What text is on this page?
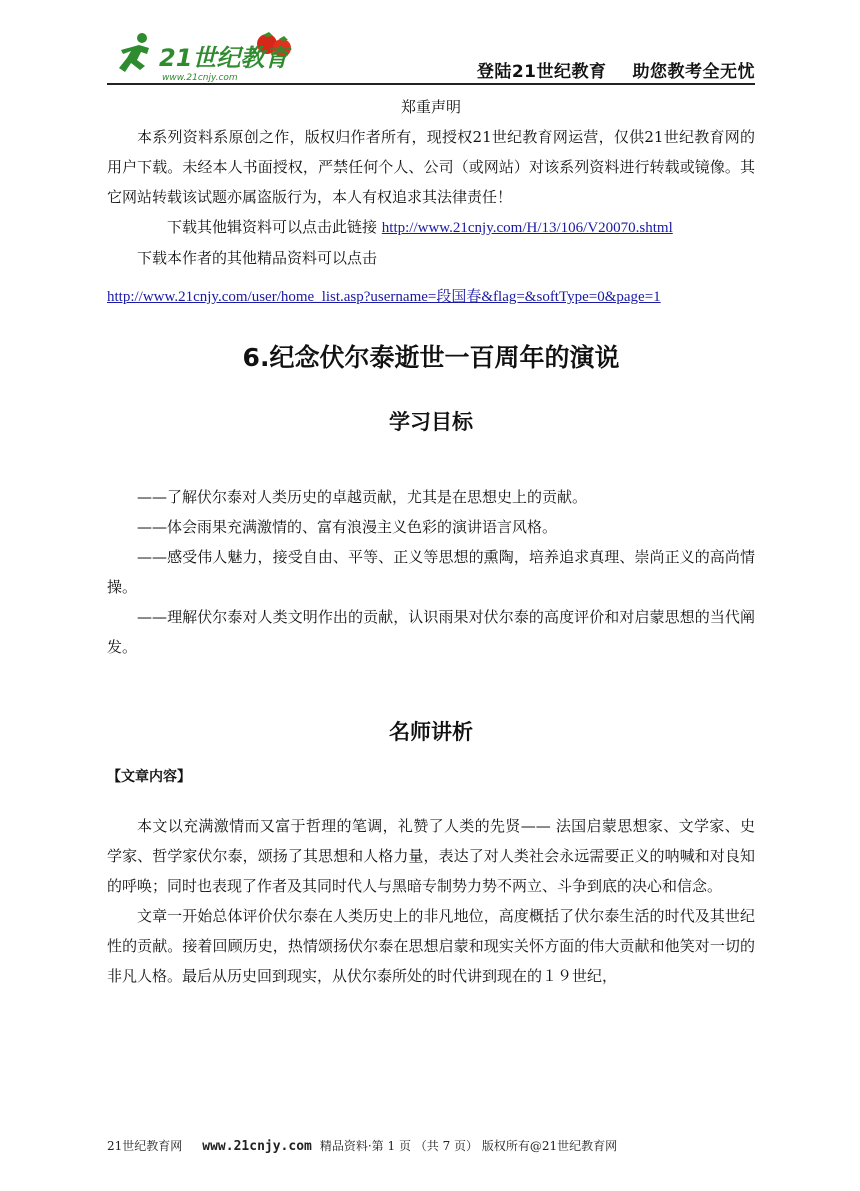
21世纪教育
www.21cnjy.com	登陆21世纪教育 助您教考全无忧

郑重声明

本系列资料系原创之作，版权归作者所有，现授权21世纪教育网运营，仅供21世纪教育网的用户下载。未经本人书面授权，严禁任何个人、公司（或网站）对该系列资料进行转载或镜像。其它网站转载该试题亦属盗版行为，本人有权追求其法律责任！

下载其他辑资料可以点击此链接 http://www.21cnjy.com/H/13/106/V20070.shtml

下载本作者的其他精品资料可以点击

http://www.21cnjy.com/user/home_list.asp?username=段国春&flag=&softType=0&page=1

6.纪念伏尔泰逝世一百周年的演说
学习目标

——了解伏尔泰对人类历史的卓越贡献，尤其是在思想史上的贡献。

——体会雨果充满激情的、富有浪漫主义色彩的演讲语言风格。

——感受伟人魅力，接受自由、平等、正义等思想的熏陶，培养追求真理、崇尚正义的高尚情操。

——理解伏尔泰对人类文明作出的贡献，认识雨果对伏尔泰的高度评价和对启蒙思想的当代阐发。

名师讲析
【文章内容】

本文以充满激情而又富于哲理的笔调，礼赞了人类的先贤—— 法国启蒙思想家、文学家、史学家、哲学家伏尔泰，颂扬了其思想和人格力量，表达了对人类社会永远需要正义的呐喊和对良知的呼唤；同时也表现了作者及其同时代人与黑暗专制势力势不两立、斗争到底的决心和信念。

文章一开始总体评价伏尔泰在人类历史上的非凡地位，高度概括了伏尔泰生活的时代及其世纪性的贡献。接着回顾历史，热情颂扬伏尔泰在思想启蒙和现实关怀方面的伟大贡献和他笑对一切的非凡人格。最后从历史回到现实，从伏尔泰所处的时代讲到现在的１９世纪，

21世纪教育网 www.21cnjy.com 精品资料·第 1 页 （共 7 页） 版权所有@21世纪教育网
